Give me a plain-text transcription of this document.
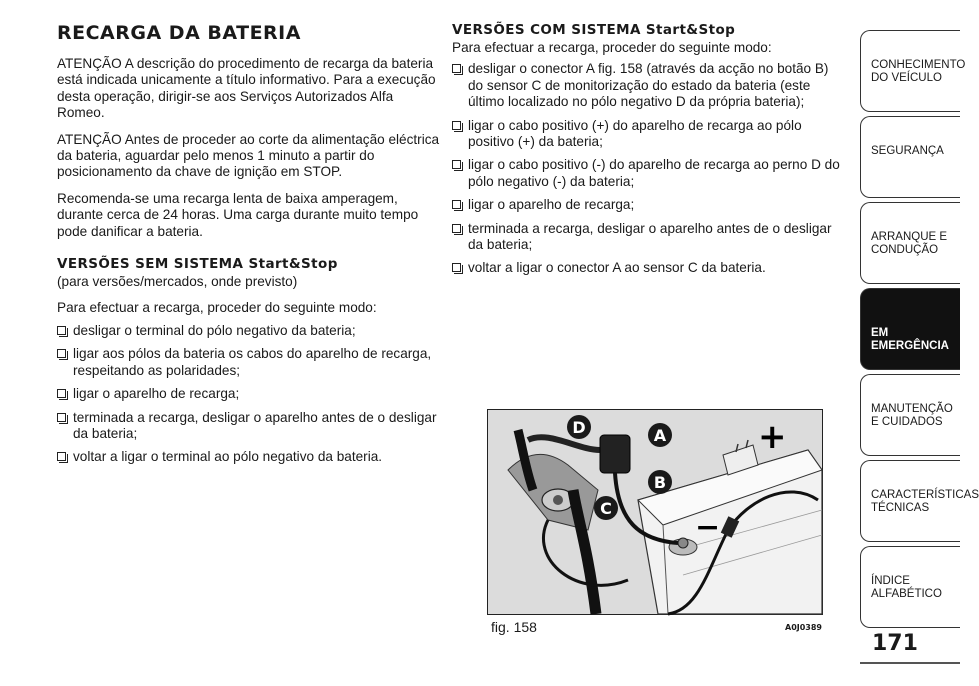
RECARGA DA BATERIA

ATENÇÃO A descrição do procedimento de recarga da bateria está indicada unicamente a título informativo. Para a execução desta operação, dirigir-se aos Serviços Autorizados Alfa Romeo.

ATENÇÃO Antes de proceder ao corte da alimentação eléctrica da bateria, aguardar pelo menos 1 minuto a partir do posicionamento da chave de ignição em STOP.

Recomenda-se uma recarga lenta de baixa amperagem, durante cerca de 24 horas. Uma carga durante muito tempo pode danificar a bateria.

VERSÕES SEM SISTEMA Start&Stop

(para versões/mercados, onde previsto)

Para efectuar a recarga, proceder do seguinte modo:

desligar o terminal do pólo negativo da bateria;
ligar aos pólos da bateria os cabos do aparelho de recarga, respeitando as polaridades;
ligar o aparelho de recarga;
terminada a recarga, desligar o aparelho antes de o desligar da bateria;
voltar a ligar o terminal ao pólo negativo da bateria.
VERSÕES COM SISTEMA Start&Stop

Para efectuar a recarga, proceder do seguinte modo:

desligar o conector A fig. 158 (através da acção no botão B) do sensor C de monitorização do estado da bateria (este último localizado no pólo negativo D da própria bateria);
ligar o cabo positivo (+) do aparelho de recarga ao pólo positivo (+) da bateria;
ligar o cabo positivo (-) do aparelho de recarga ao perno D do pólo negativo (-) da bateria;
ligar o aparelho de recarga;
terminada a recarga, desligar o aparelho antes de o desligar da bateria;
voltar a ligar o conector A ao sensor C da bateria.
+
−
D	A
B
C
fig. 158	A0J0389
CONHECIMENTO DO VEÍCULO
SEGURANÇA
ARRANQUE E CONDUÇÃO
EM EMERGÊNCIA
MANUTENÇÃO E CUIDADOS
CARACTERÍSTICAS TÉCNICAS
ÍNDICE ALFABÉTICO
171
